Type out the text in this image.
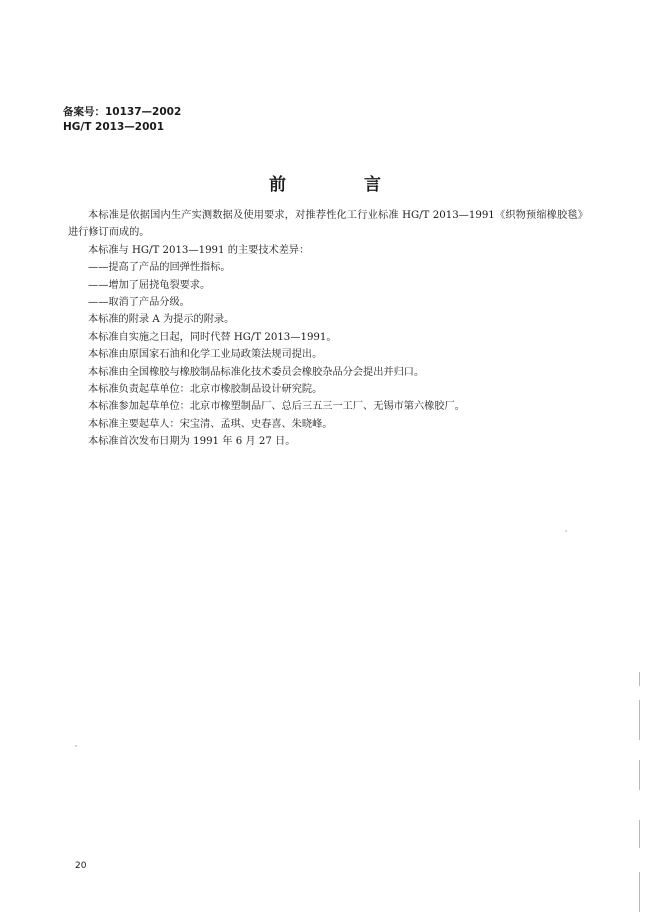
备案号：10137—2002
HG/T 2013—2001
前 言

本标准是依据国内生产实测数据及使用要求，对推荐性化工行业标准 HG/T 2013—1991《织物预缩橡胶毯》进行修订而成的。

本标准与 HG/T 2013—1991 的主要技术差异：

——提高了产品的回弹性指标。

——增加了屈挠龟裂要求。

——取消了产品分级。

本标准的附录 A 为提示的附录。

本标准自实施之日起，同时代替 HG/T 2013—1991。

本标准由原国家石油和化学工业局政策法规司提出。

本标准由全国橡胶与橡胶制品标准化技术委员会橡胶杂品分会提出并归口。

本标准负责起草单位：北京市橡胶制品设计研究院。

本标准参加起草单位：北京市橡塑制品厂、总后三五三一工厂、无锡市第六橡胶厂。

本标准主要起草人：宋宝清、孟琪、史春喜、朱晓峰。

本标准首次发布日期为 1991 年 6 月 27 日。

20
